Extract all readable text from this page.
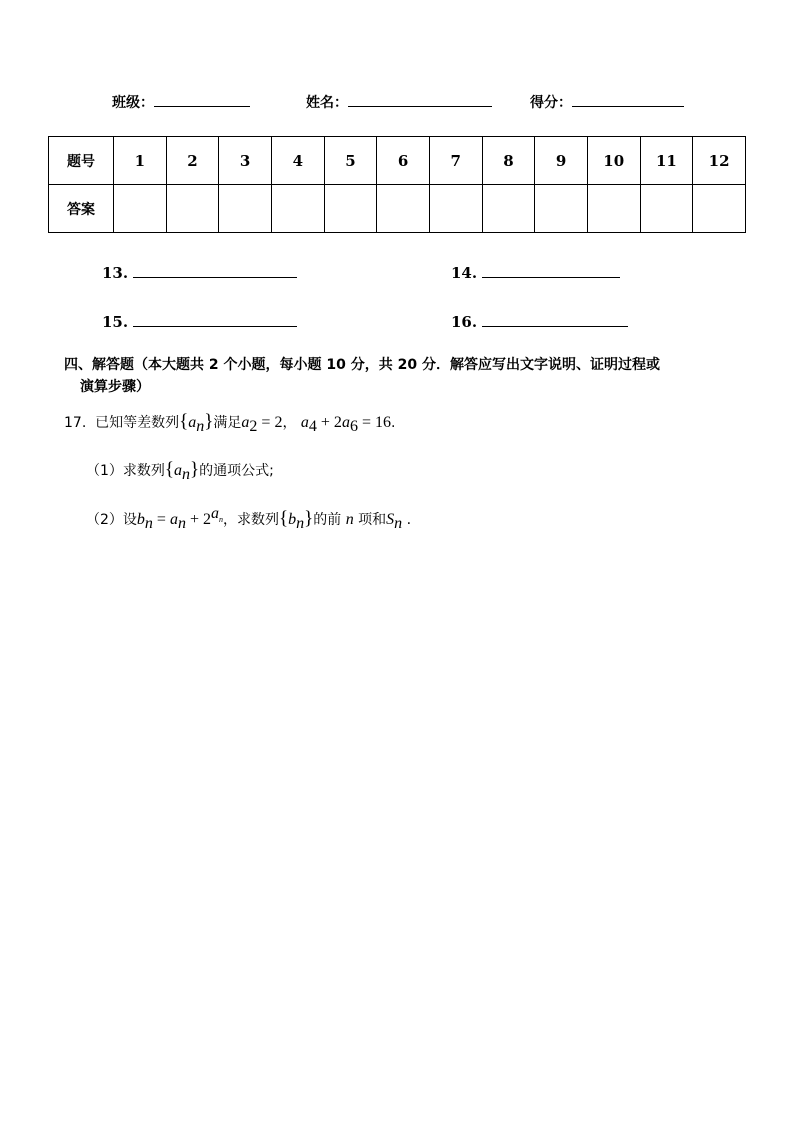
班级：	姓名：	得分：
题号	1	2	3	4	5	6	7	8	9	10	11	12
答案												
13.	14.
15.	16.
四、解答题（本大题共 2 个小题，每小题 10 分，共 20 分．解答应写出文字说明、证明过程或
演算步骤）
17. 已知等差数列$\{a_n\}$满足$a_2 = 2$， $a_4 + 2a_6 = 16$.
（1）求数列$\{a_n\}$的通项公式;
（2）设$b_n = a_n + 2^{a_n}$，求数列$\{b_n\}$的前 n 项和$S_n$ .
